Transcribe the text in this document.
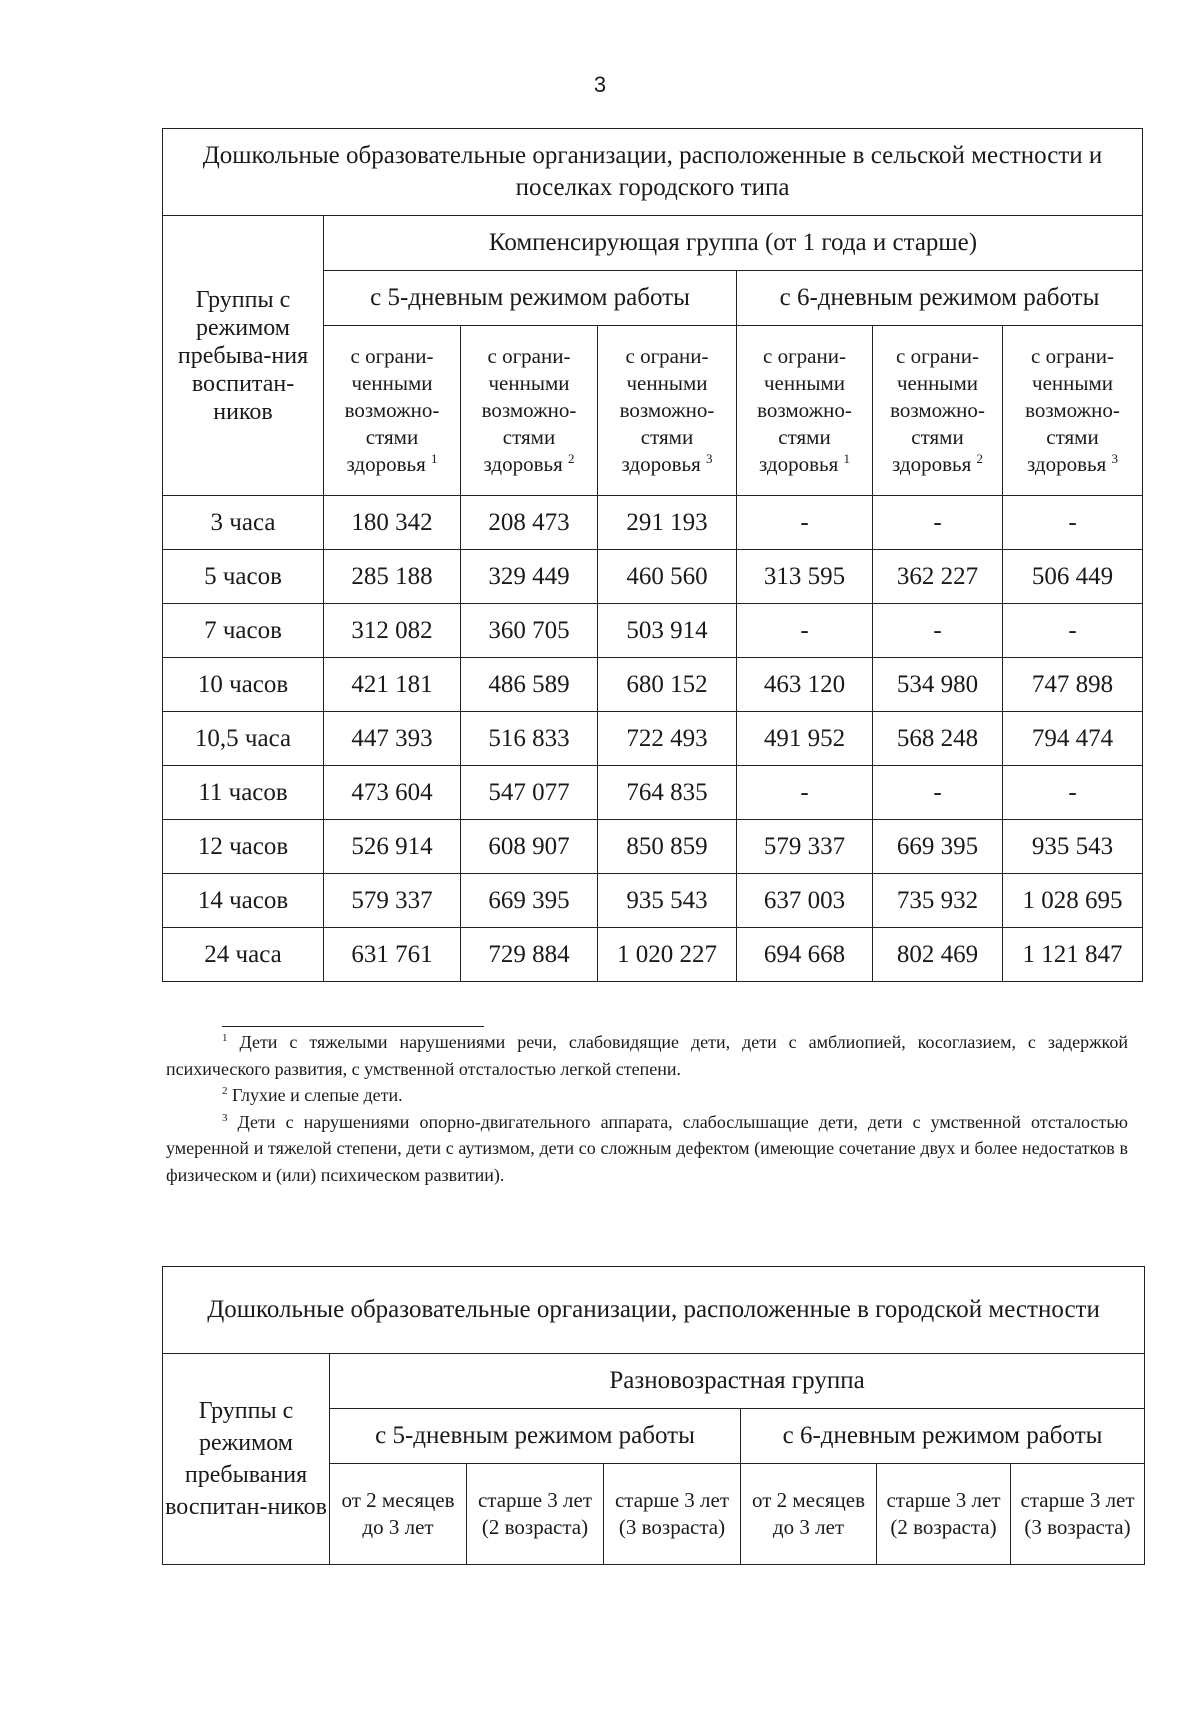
3
Дошкольные образовательные организации, расположенные в сельской местности и поселках городского типа						
Группы с режимом пребыва-ния воспитан-ников	Компенсирующая группа (от 1 года и старше)					
	с 5-дневным режимом работы			с 6-дневным режимом работы		
	с ограни-ченными возможно-стями здоровья $^1$	с ограни-ченными возможно-стями здоровья $^2$	с ограни-ченными возможно-стями здоровья $^3$	с ограни-ченными возможно-стями здоровья $^1$	с ограни-ченными возможно-стями здоровья $^2$	с ограни-ченными возможно-стями здоровья $^3$
3 часа	180 342	208 473	291 193	-	-	-
5 часов	285 188	329 449	460 560	313 595	362 227	506 449
7 часов	312 082	360 705	503 914	-	-	-
10 часов	421 181	486 589	680 152	463 120	534 980	747 898
10,5 часа	447 393	516 833	722 493	491 952	568 248	794 474
11 часов	473 604	547 077	764 835	-	-	-
12 часов	526 914	608 907	850 859	579 337	669 395	935 543
14 часов	579 337	669 395	935 543	637 003	735 932	1 028 695
24 часа	631 761	729 884	1 020 227	694 668	802 469	1 121 847

$^1$ Дети с тяжелыми нарушениями речи, слабовидящие дети, дети с амблиопией, косоглазием, с задержкой психического развития, с умственной отсталостью легкой степени.

$^2$ Глухие и слепые дети.

$^3$ Дети с нарушениями опорно-двигательного аппарата, слабослышащие дети, дети с умственной отсталостью умеренной и тяжелой степени, дети с аутизмом, дети со сложным дефектом (имеющие сочетание двух и более недостатков в физическом и (или) психическом развитии).

Дошкольные образовательные организации, расположенные в городской местности						
Группы с режимом пребывания воспитан-ников	Разновозрастная группа					
	с 5-дневным режимом работы			с 6-дневным режимом работы		
	от 2 месяцев до 3 лет	старше 3 лет (2 возраста)	старше 3 лет (3 возраста)	от 2 месяцев до 3 лет	старше 3 лет (2 возраста)	старше 3 лет (3 возраста)
